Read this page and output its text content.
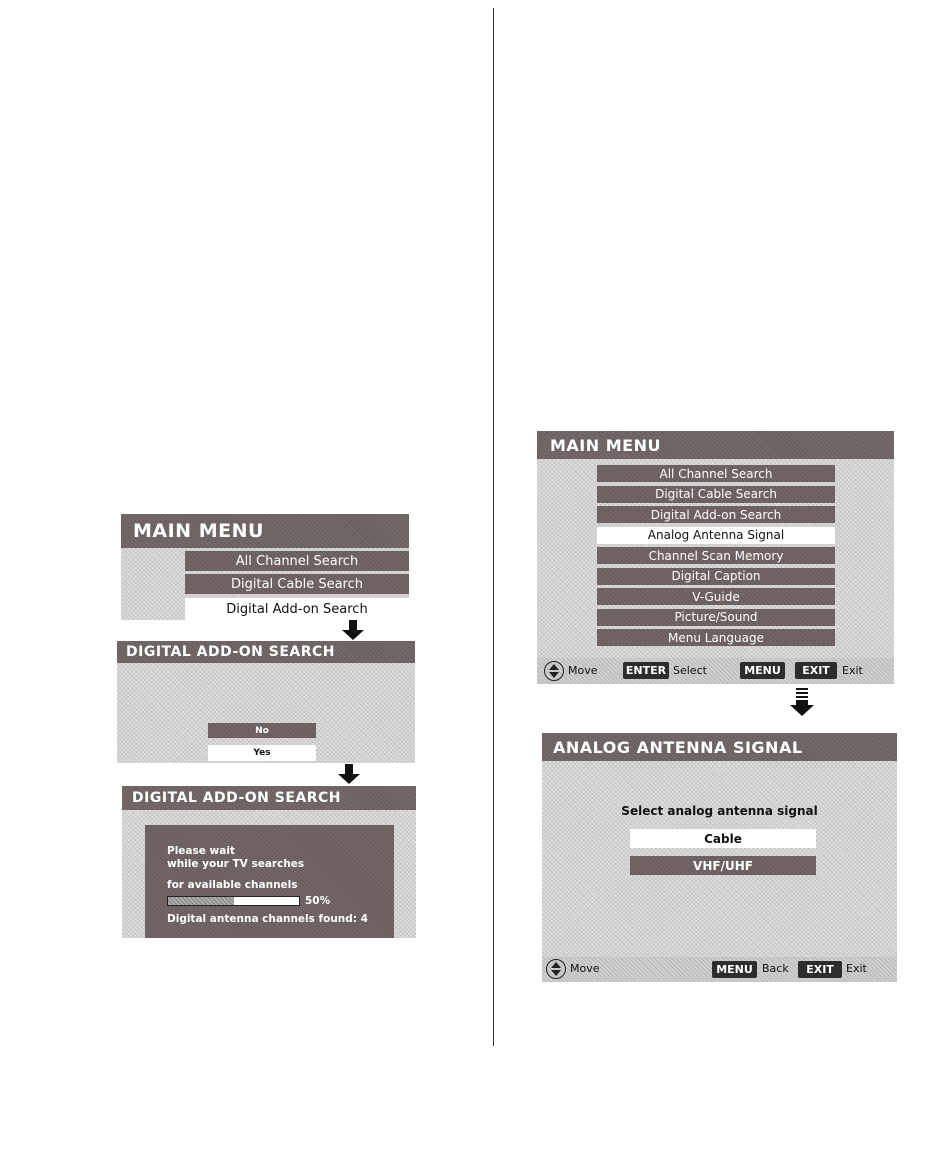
MAIN MENU
All Channel Search
Digital Cable Search
Digital Add-on Search
DIGITAL ADD-ON SEARCH
No
Yes
DIGITAL ADD-ON SEARCH
Please wait
while your TV searches
for available channels
50%
Digital antenna channels found: 4
MAIN MENU
All Channel Search
Digital Cable Search
Digital Add-on Search
Analog Antenna Signal
Channel Scan Memory
Digital Caption
V-Guide
Picture/Sound
Menu Language
Move	ENTER Select	MENU	EXIT	Exit
ANALOG ANTENNA SIGNAL
Select analog antenna signal
Cable
VHF/UHF
Move	MENU Back	EXIT	Exit
